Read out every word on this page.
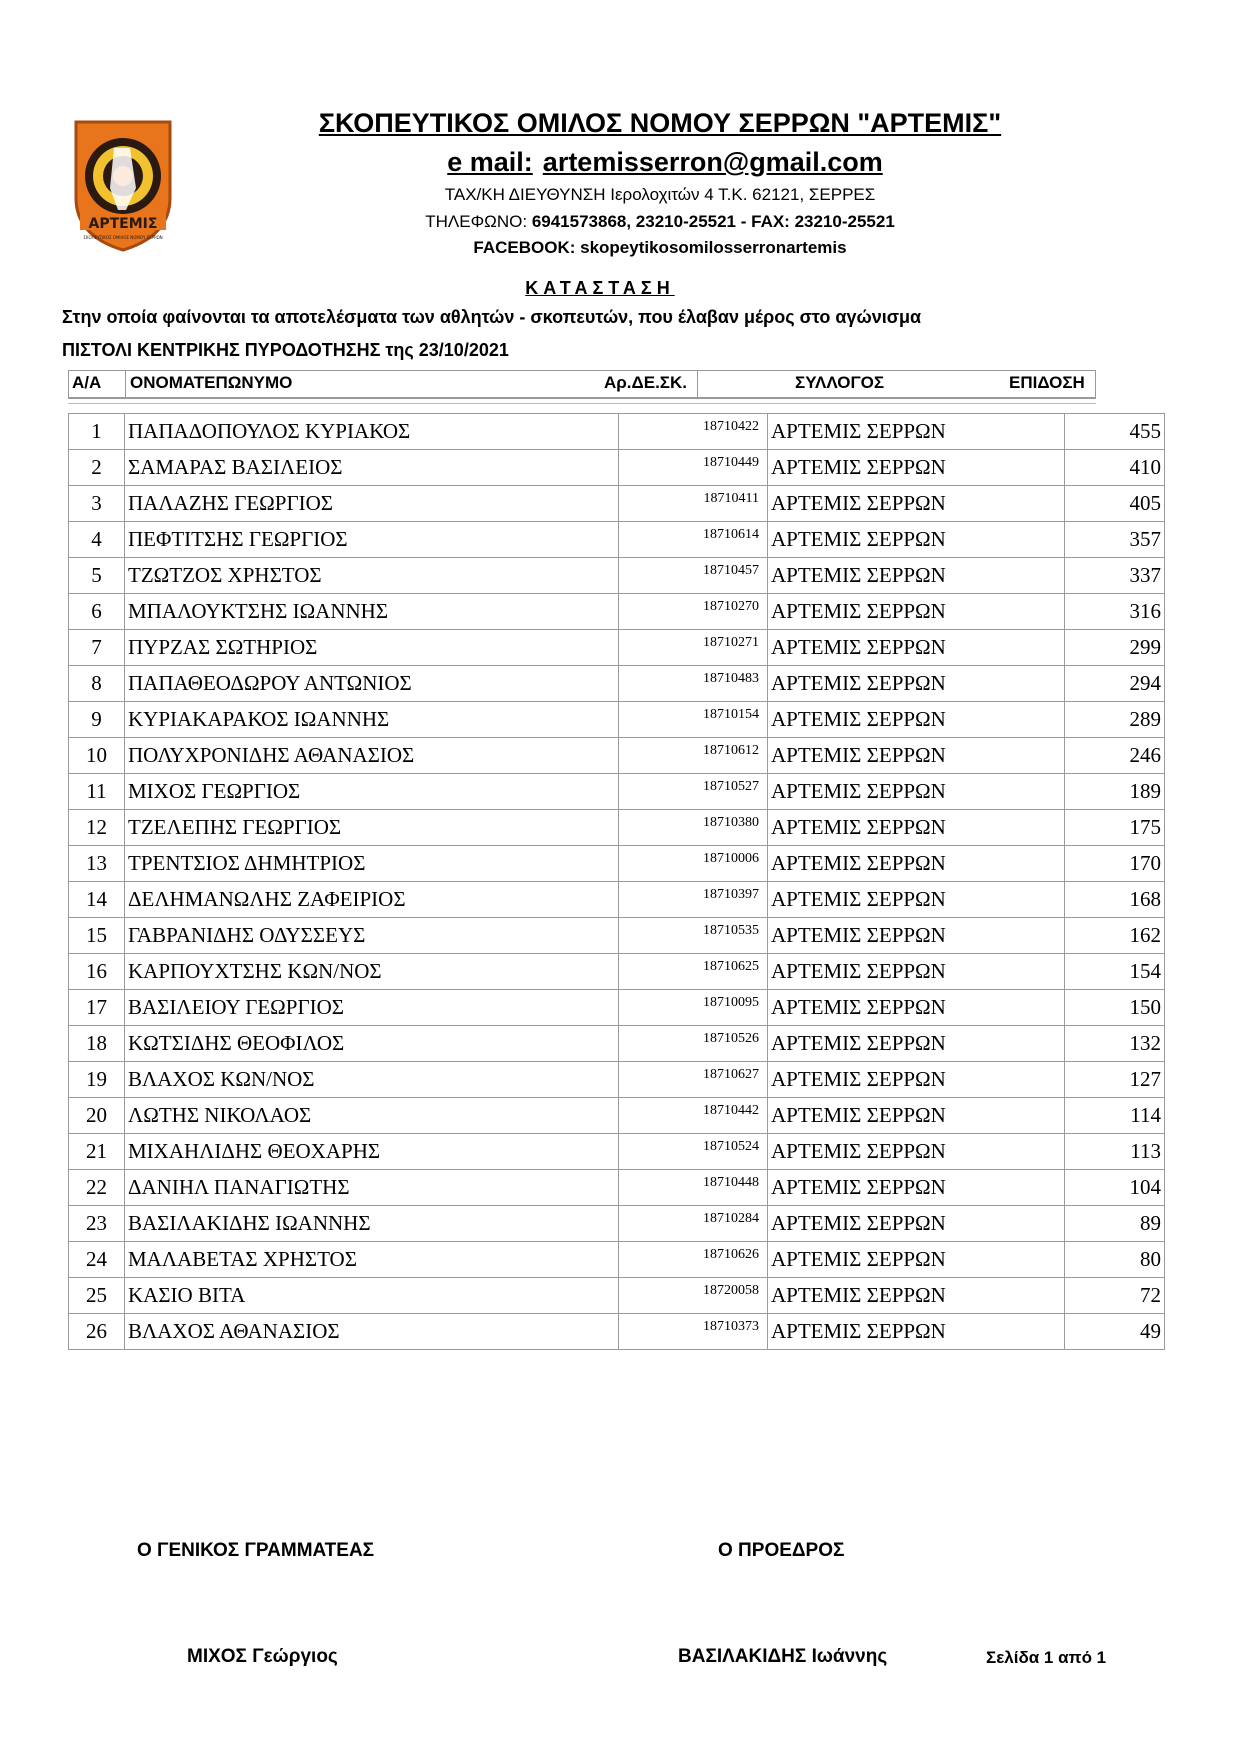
ΑΡΤΕΜΙΣ
ΣΚΟΠΕΥΤΙΚΟΣ ΟΜΙΛΟΣ ΝΟΜΟΥ ΣΕΡΡΩΝ
ΣΚΟΠΕΥΤΙΚΟΣ ΟΜΙΛΟΣ ΝΟΜΟΥ ΣΕΡΡΩΝ "ΑΡΤΕΜΙΣ"
e mail: artemisserron@gmail.com
ΤΑΧ/ΚΗ ΔΙΕΥΘΥΝΣΗ Ιερολοχιτών 4 Τ.Κ. 62121, ΣΕΡΡΕΣ
ΤΗΛΕΦΩΝΟ: 6941573868, 23210-25521 - FAX: 23210-25521
FACEBOOK: skopeytikosomilosserronartemis
ΚΑΤΑΣΤΑΣΗ
Στην οποία φαίνονται τα αποτελέσματα των αθλητών - σκοπευτών, που έλαβαν μέρος στο αγώνισμα
ΠΙΣΤΟΛΙ ΚΕΝΤΡΙΚΗΣ ΠΥΡΟΔΟΤΗΣΗΣ της 23/10/2021
Α/Α ΟΝΟΜΑΤΕΠΩΝΥΜΟ	Αρ.ΔΕ.ΣΚ.	ΣΥΛΛΟΓΟΣ	ΕΠΙΔΟΣΗ
1	ΠΑΠΑΔΟΠΟΥΛΟΣ ΚΥΡΙΑΚΟΣ	18710422	ΑΡΤΕΜΙΣ ΣΕΡΡΩΝ	455
2	ΣΑΜΑΡΑΣ ΒΑΣΙΛΕΙΟΣ	18710449	ΑΡΤΕΜΙΣ ΣΕΡΡΩΝ	410
3	ΠΑΛΑΖΗΣ ΓΕΩΡΓΙΟΣ	18710411	ΑΡΤΕΜΙΣ ΣΕΡΡΩΝ	405
4	ΠΕΦΤΙΤΣΗΣ ΓΕΩΡΓΙΟΣ	18710614	ΑΡΤΕΜΙΣ ΣΕΡΡΩΝ	357
5	ΤΖΩΤΖΟΣ ΧΡΗΣΤΟΣ	18710457	ΑΡΤΕΜΙΣ ΣΕΡΡΩΝ	337
6	ΜΠΑΛΟΥΚΤΣΗΣ ΙΩΑΝΝΗΣ	18710270	ΑΡΤΕΜΙΣ ΣΕΡΡΩΝ	316
7	ΠΥΡΖΑΣ ΣΩΤΗΡΙΟΣ	18710271	ΑΡΤΕΜΙΣ ΣΕΡΡΩΝ	299
8	ΠΑΠΑΘΕΟΔΩΡΟΥ ΑΝΤΩΝΙΟΣ	18710483	ΑΡΤΕΜΙΣ ΣΕΡΡΩΝ	294
9	ΚΥΡΙΑΚΑΡΑΚΟΣ ΙΩΑΝΝΗΣ	18710154	ΑΡΤΕΜΙΣ ΣΕΡΡΩΝ	289
10	ΠΟΛΥΧΡΟΝΙΔΗΣ ΑΘΑΝΑΣΙΟΣ	18710612	ΑΡΤΕΜΙΣ ΣΕΡΡΩΝ	246
11	ΜΙΧΟΣ ΓΕΩΡΓΙΟΣ	18710527	ΑΡΤΕΜΙΣ ΣΕΡΡΩΝ	189
12	ΤΖΕΛΕΠΗΣ ΓΕΩΡΓΙΟΣ	18710380	ΑΡΤΕΜΙΣ ΣΕΡΡΩΝ	175
13	ΤΡΕΝΤΣΙΟΣ ΔΗΜΗΤΡΙΟΣ	18710006	ΑΡΤΕΜΙΣ ΣΕΡΡΩΝ	170
14	ΔΕΛΗΜΑΝΩΛΗΣ ΖΑΦΕΙΡΙΟΣ	18710397	ΑΡΤΕΜΙΣ ΣΕΡΡΩΝ	168
15	ΓΑΒΡΑΝΙΔΗΣ ΟΔΥΣΣΕΥΣ	18710535	ΑΡΤΕΜΙΣ ΣΕΡΡΩΝ	162
16	ΚΑΡΠΟΥΧΤΣΗΣ ΚΩΝ/ΝΟΣ	18710625	ΑΡΤΕΜΙΣ ΣΕΡΡΩΝ	154
17	ΒΑΣΙΛΕΙΟΥ ΓΕΩΡΓΙΟΣ	18710095	ΑΡΤΕΜΙΣ ΣΕΡΡΩΝ	150
18	ΚΩΤΣΙΔΗΣ ΘΕΟΦΙΛΟΣ	18710526	ΑΡΤΕΜΙΣ ΣΕΡΡΩΝ	132
19	ΒΛΑΧΟΣ ΚΩΝ/ΝΟΣ	18710627	ΑΡΤΕΜΙΣ ΣΕΡΡΩΝ	127
20	ΛΩΤΗΣ ΝΙΚΟΛΑΟΣ	18710442	ΑΡΤΕΜΙΣ ΣΕΡΡΩΝ	114
21	ΜΙΧΑΗΛΙΔΗΣ ΘΕΟΧΑΡΗΣ	18710524	ΑΡΤΕΜΙΣ ΣΕΡΡΩΝ	113
22	ΔΑΝΙΗΛ ΠΑΝΑΓΙΩΤΗΣ	18710448	ΑΡΤΕΜΙΣ ΣΕΡΡΩΝ	104
23	ΒΑΣΙΛΑΚΙΔΗΣ ΙΩΑΝΝΗΣ	18710284	ΑΡΤΕΜΙΣ ΣΕΡΡΩΝ	89
24	ΜΑΛΑΒΕΤΑΣ ΧΡΗΣΤΟΣ	18710626	ΑΡΤΕΜΙΣ ΣΕΡΡΩΝ	80
25	ΚΑΣΙΟ ΒΙΤΑ	18720058	ΑΡΤΕΜΙΣ ΣΕΡΡΩΝ	72
26	ΒΛΑΧΟΣ ΑΘΑΝΑΣΙΟΣ	18710373	ΑΡΤΕΜΙΣ ΣΕΡΡΩΝ	49
Ο ΓΕΝΙΚΟΣ ΓΡΑΜΜΑΤΕΑΣ	Ο ΠΡΟΕΔΡΟΣ
ΜΙΧΟΣ Γεώργιος	ΒΑΣΙΛΑΚΙΔΗΣ Ιωάννης	Σελίδα 1 από 1
